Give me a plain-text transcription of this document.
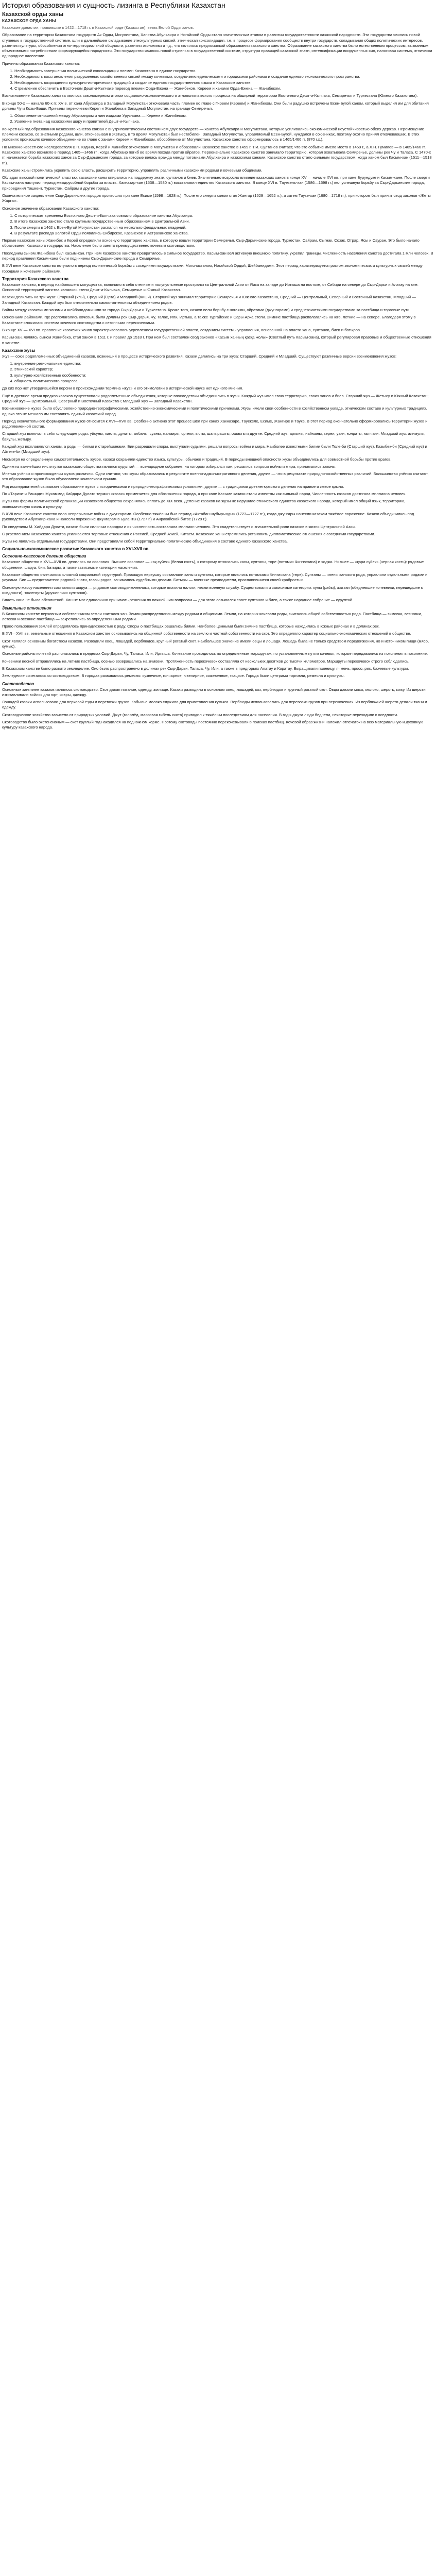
История образования и сущность лизинга в Республики Казахстан
Казахской орды ханы
КАЗАХСКОЕ ОРДА ХАНЫ

Казахские династии, правившие в 1422—1718 гг. в Казахской орде (Казахстан), ветвь Белой Орды ханов.

Образование на территории Казахстана государств Ак Орды, Могулистана, Ханства Абулхаира и Ногайской Орды стало значительным этапом в развитии государственности казахской народности. Эти государства явились новой ступенью в государственной системе, шли в дальнейшем складывание этнокультурных связей, этническая консолидация, т.е. в процессе формирования сообществ внутри государств, складывания общих политических интересов, развития культуры, обособления этно-территориальной общности, развития экономики и т.д., что являлось предпосылкой образования казахского ханства. Образование казахского ханства было естественным процессом, вызванным объективными потребностями формирующейся народности. Это государство явилось новой ступенью в государственной системе, структура правящей казахской знати, интенсификации вооруженных сил, налоговая система, этнически однородное население.

Причины образования Казахского ханства:

1. Необходимость завершения политической консолидации племен Казахстана в единое государство.
2. Необходимость восстановления разрушенных хозяйственных связей между кочевыми, оседло-земледельческими и городскими районами и создание единого экономического пространства.
3. Необходимость возрождения культурно-исторических традиций и создание единого государственного языка в Казахском ханстве.
4. Стремление обеспечить в Восточном Дешт-и-Кыпчаке перевод племен Орда-Ежена — Жанибеком, Кереем и ханами Орда-Ежена — Жанибеком.

Возникновение Казахского ханства явилось закономерным итогом социально-экономического и этнополитического процесса на обширной территории Восточного Дешт-и-Кыпчака, Семиречья и Туркестана (Южного Казахстана).

В конце 50-х — начале 60-х гг. XV в. от хана Абулхаира в Западный Могулистан откочевала часть племен во главе с Гиреем (Кереем) и Жанибеком. Они были радушно встречены Есен-Бугой ханом, который выделил им для обитания долины Чу и Козы-Баши. Причины перекочевки Керея и Жанибека в Западный Могулистан, на границе Семиречья.

1. Обострение отношений между Абулхаиром и чингизидами Урус-хана — Кереем и Жанибеком.
2. Усиление гнета над казахскими шару и правителей Дешт-и-Кыпчака.

Конкретный год образования Казахского ханства связан с внутриполитическим состоянием двух государств — ханства Абулхаира и Могулистана, которые усиливались экономической неустойчивостью обеих держав. Перемещение племени казахов, со знатными родами, шли, откочевывая в Жетысу, в то время Могулистан был нестабилен. Западный Могулистан, управляемый Есен-Бугой, нуждался в союзниках, поэтому охотно принял откочевавших. В этих условиях произошло кочевое объединение во главе с ханами Кереем и Жанибеком, обособление от Могулистана. Казахское ханство сформировалось в 1465/1466 гг. (870 г.х.).

По мнению известного исследователя В.П. Юдина, Керей и Жанибек откочевали в Могулистан и образовали Казахское ханство в 1459 г. Т.И. Султанов считает, что это событие имело место в 1459 г., а Л.Н. Гумилев — в 1465/1466 гг. Казахское ханство возникло в период 1465—1466 гг., когда Абулхаир погиб во время похода против ойратов. Первоначально Казахское ханство занимало территорию, которая охватывала Семиречье, долины рек Чу и Таласа. С 1470-х гг. начинается борьба казахских ханов за Сыр-Дарьинские города, за которые велась вражда между потомками Абулхаира и казахскими ханами. Казахское ханство стало сильным государством, когда ханом был Касым-хан (1511—1518 гг.).

Казахские ханы стремились укрепить свою власть, расширить территорию, управлять различными казахскими родами и кочевыми общинами.

Обладая высокой политической властью, казахские ханы опирались на поддержку знати, султанов и биев. Значительно возросло влияние казахских ханов в конце XV — начале XVI вв. при хане Бурундуке и Касым-хане. После смерти Касым-хана наступил период междоусобной борьбы за власть. Хакназар-хан (1538—1580 гг.) восстановил единство Казахского ханства. В конце XVI в. Тауекель-хан (1586—1598 гг.) вел успешную борьбу за Сыр-Дарьинские города, присоединил Ташкент, Туркестан, Сайрам и другие города.

Окончательное закрепление Сыр-Дарьинских городов произошло при хане Есиме (1598—1628 гг.). После его смерти ханом стал Жангир (1629—1652 гг.), а затем Тауке-хан (1680—1718 гг.), при котором был принят свод законов «Жеты Жаргы».

Основное значение образования Казахского ханства:

1. С историческим временем Восточного Дешт-и-Кыпчака совпало образование ханства Абулхаира.
2. В итоге Казахское ханство стало крупным государственным образованием в Центральной Азии.
3. После смерти в 1462 г. Есен-Бугой Могулистан распался на несколько феодальных владений.
4. В результате распада Золотой Орды появились Сибирское, Казанское и Астраханское ханства.

Первые казахские ханы Жанибек и Керей определили основную территорию ханства, в которую вошли территории Семиречья, Сыр-Дарьинские города, Туркестан, Сайрам, Сыгнак, Созак, Отрар, Ясы и Сауран. Это было начало образования Казахского государства. Население было занято преимущественно кочевым скотоводством.

Последним сыном Жанибека был Касым-хан. При нем Казахское ханство превратилось в сильное государство. Касым-хан вел активную внешнюю политику, укрепил границы. Численность населения ханства достигала 1 млн человек. В период правления Касым-хана были подчинены Сыр-Дарьинские города и Семиречье.

В XVI веке Казахское ханство вступило в период политической борьбы с соседними государствами: Моголистаном, Ногайской Ордой, Шейбанидами. Этот период характеризуется ростом экономических и культурных связей между городами и кочевыми районами.

Территория Казахского ханства

Казахское ханство, в период наибольшего могущества, включало в себя степные и полупустынные пространства Центральной Азии от Яика на западе до Иртыша на востоке, от Сибири на севере до Сыр-Дарьи и Алатау на юге. Основной территорией ханства являлись степи Дешт-и-Кыпчака, Семиречье и Южный Казахстан.

Казахи делились на три жуза: Старший (Улы), Средний (Орта) и Младший (Киши). Старший жуз занимал территорию Семиречья и Южного Казахстана, Средний — Центральный, Северный и Восточный Казахстан, Младший — Западный Казахстан. Каждый жуз был относительно самостоятельным объединением родов.

Войны между казахскими ханами и шейбанидами шли за города Сыр-Дарьи и Туркестана. Кроме того, казахи вели борьбу с ногаями, ойратами (джунгарами) и среднеазиатскими государствами за пастбища и торговые пути.

Основными районами, где располагались кочевья, были долины рек Сыр-Дарья, Чу, Талас, Или, Иртыш, а также Тургайские и Сары-Арка степи. Зимние пастбища располагались на юге, летние — на севере. Благодаря этому в Казахстане сложилась система кочевого скотоводства с сезонными перекочевками.

В конце XV — XVI вв. правление казахских ханов характеризовалось укреплением государственной власти, созданием системы управления, основанной на власти хана, султанов, биев и батыров.

Касым-хан, являясь сыном Жанибека, стал ханом в 1511 г. и правил до 1518 г. При нем был составлен свод законов «Касым ханның қасқа жолы» (Светлый путь Касым-хана), который регулировал правовые и общественные отношения в ханстве.

Казахские жузы

Жуз — союз родоплеменных объединений казахов, возникший в процессе исторического развития. Казахи делились на три жуза: Старший, Средний и Младший. Существуют различные версии возникновения жузов:

1. внутренние региональные единства;
2. этнический характер;
3. культурно-хозяйственные особенности;
4. общность политического процесса.

До сих пор нет утвердившейся версии о происхождении термина «жуз» и его этимологии в исторической науке нет единого мнения.

Ещё в древнее время предков казахов существовали родоплеменные объединения, которые впоследствии объединились в жузы. Каждый жуз имел свою территорию, своих ханов и биев. Старший жуз — Жетысу и Южный Казахстан; Средний жуз — Центральный, Северный и Восточный Казахстан; Младший жуз — Западный Казахстан.

Возникновение жузов было обусловлено природно-географическими, хозяйственно-экономическими и политическими причинами. Жузы имели свои особенности в хозяйственном укладе, этническом составе и культурных традициях, однако это не мешало им составлять единый казахский народ.

Период окончательного формирования жузов относится к XVI—XVII вв. Особенно активно этот процесс шёл при ханах Хакназаре, Тауекеле, Есиме, Жангире и Тауке. В этот период окончательно сформировались территории жузов и родоплеменной состав.

Старший жуз включал в себя следующие роды: уйсуны, канлы, дулаты, албаны, суаны, жалаиры, сргели, ысты, шапырашты, ошакты и другие. Средний жуз: аргыны, найманы, кереи, уаки, конраты, кыпчаки. Младший жуз: алимулы, байулы, жетыру.

Каждый жуз возглавлялся ханом, а роды — биями и старейшинами. Бии разрешали споры, выступали судьями, решали вопросы войны и мира. Наиболее известными биями были Толе-би (Старший жуз), Казыбек-би (Средний жуз) и Айтеке-би (Младший жуз).

Несмотря на определенную самостоятельность жузов, казахи сохраняли единство языка, культуры, обычаев и традиций. В периоды внешней опасности жузы объединялись для совместной борьбы против врагов.

Одним из важнейших институтов казахского общества являлся курултай — всенародное собрание, на котором избирался хан, решались вопросы войны и мира, принимались законы.

Мнения учёных о происхождении жузов различны. Одни считают, что жузы образовались в результате военно-административного деления, другие — что в результате природно-хозяйственных различий. Большинство учёных считают, что образование жузов было обусловлено комплексом причин.

Ряд исследователей связывает образование жузов с историческими и природно-географическими условиями, другие — с традициями древнетюркского деления на правое и левое крыло.

По «Тарихи-и Рашиди» Мухаммед Хайдара Дулати термин «казах» применяется для обозначения народа, а при хане Касыме казахи стали известны как сильный народ. Численность казахов достигала миллиона человек.

Жузы как формы политической организации казахского общества сохранялись вплоть до XIX века. Деление казахов на жузы не нарушило этнического единства казахского народа, который имел общий язык, территорию, экономическую жизнь и культуру.

В XVII веке Казахское ханство вело непрерывные войны с джунгарами. Особенно тяжёлым был период «Актабан шубырынды» (1723—1727 гг.), когда джунгары нанесли казахам тяжёлое поражение. Казахи объединились под руководством Абулхаир-хана и нанесли поражение джунгарам в Буланты (1727 г.) и Анракайской битве (1729 г.).

По сведениям М. Хайдара Дулати, казахи были сильным народом и их численность составляла миллион человек. Это свидетельствует о значительной роли казахов в жизни Центральной Азии.

С укреплением Казахского ханства усиливаются торговые отношения с Россией, Средней Азией, Китаем. Казахские ханы стремились установить дипломатические отношения с соседними государствами.

Жузы не являлись отдельными государствами. Они представляли собой территориально-политические объединения в составе единого Казахского ханства.

Социально-экономическое развитие Казахского ханства в XVI-XVII вв.
Сословно-классовое деление общества

Казахское общество в XVI—XVII вв. делилось на сословия. Высшее сословие — «ақ сүйек» (белая кость), к которому относились ханы, султаны, торе (потомки Чингисхана) и ходжи. Низшее — «қара сүйек» (черная кость): рядовые общинники, шаруа, бии, батыры, а также зависимые категории населения.

Казахское общество отличалось сложной социальной структурой. Правящую верхушку составляли ханы и султаны, которые являлись потомками Чингисхана (төре). Султаны — члены ханского рода, управляли отдельными родами и улусами. Бии — представители родовой знати, главы родов, занимались судебными делами. Батыры — военные предводители, прославившиеся своей храбростью.

Основную массу населения составляли шаруа — рядовые скотоводы-кочевники, которые платили налоги, несли военную службу. Существовали и зависимые категории: кулы (рабы), жатаки (обедневшие кочевники, перешедшие к оседлости), тюленгуты (дружинники султанов).

Власть хана не была абсолютной. Хан не мог единолично принимать решения по важнейшим вопросам — для этого созывался совет султанов и биев, а также народное собрание — курултай.

Земельные отношения

В Казахском ханстве верховным собственником земли считался хан. Земли распределялись между родами и общинами. Земли, на которых кочевали роды, считались общей собственностью рода. Пастбища — зимовки, весновки, летовки и осенние пастбища — закреплялись за определенными родами.

Право пользования землей определялось принадлежностью к роду. Споры о пастбищах решались биями. Наиболее ценными были зимние пастбища, которые находились в южных районах и в долинах рек.

В XVI—XVII вв. земельные отношения в Казахском ханстве основывались на общинной собственности на землю и частной собственности на скот. Это определяло характер социально-экономических отношений в обществе.

Скот являлся основным богатством казахов. Разводили овец, лошадей, верблюдов, крупный рогатый скот. Наибольшее значение имели овцы и лошади. Лошадь была не только средством передвижения, но и источником пищи (мясо, кумыс).

Основные районы кочевий располагались в пределах Сыр-Дарьи, Чу, Таласа, Или, Иртыша. Кочевание проводилось по определенным маршрутам, по установленным путям кочевья, которые передавались из поколения в поколение.

Кочевники весной отправлялись на летние пастбища, осенью возвращались на зимовки. Протяженность перекочевок составляла от нескольких десятков до тысячи километров. Маршруты перекочевок строго соблюдались.

В Казахском ханстве было развито земледелие. Оно было распространено в долинах рек Сыр-Дарьи, Таласа, Чу, Или, а также в предгорьях Алатау и Каратау. Выращивали пшеницу, ячмень, просо, рис, бахчевые культуры.

Земледелие сочеталось со скотоводством. В городах развивалось ремесло: кузнечное, гончарное, ювелирное, кожевенное, ткацкое. Города были центрами торговли, ремесла и культуры.

Скотоводство

Основным занятием казахов являлось скотоводство. Скот давал питание, одежду, жилище. Казахи разводили в основном овец, лошадей, коз, верблюдов и крупный рогатый скот. Овцы давали мясо, молоко, шерсть, кожу. Из шерсти изготавливали войлок для юрт, ковры, одежду.

Лошадей казахи использовали для верховой езды и перевозки грузов. Кобылье молоко служило для приготовления кумыса. Верблюды использовались для перевозки грузов при перекочевках. Из верблюжьей шерсти делали ткани и одежду.

Скотоводческое хозяйство зависело от природных условий. Джут (гололёд, массовая гибель скота) приводил к тяжёлым последствиям для населения. В годы джута люди беднели, некоторые переходили к оседлости.

Скотоводство было экстенсивным — скот круглый год находился на подножном корме. Поэтому скотоводы постоянно перекочевывали в поисках пастбищ. Кочевой образ жизни наложил отпечаток на всю материальную и духовную культуру казахского народа.
